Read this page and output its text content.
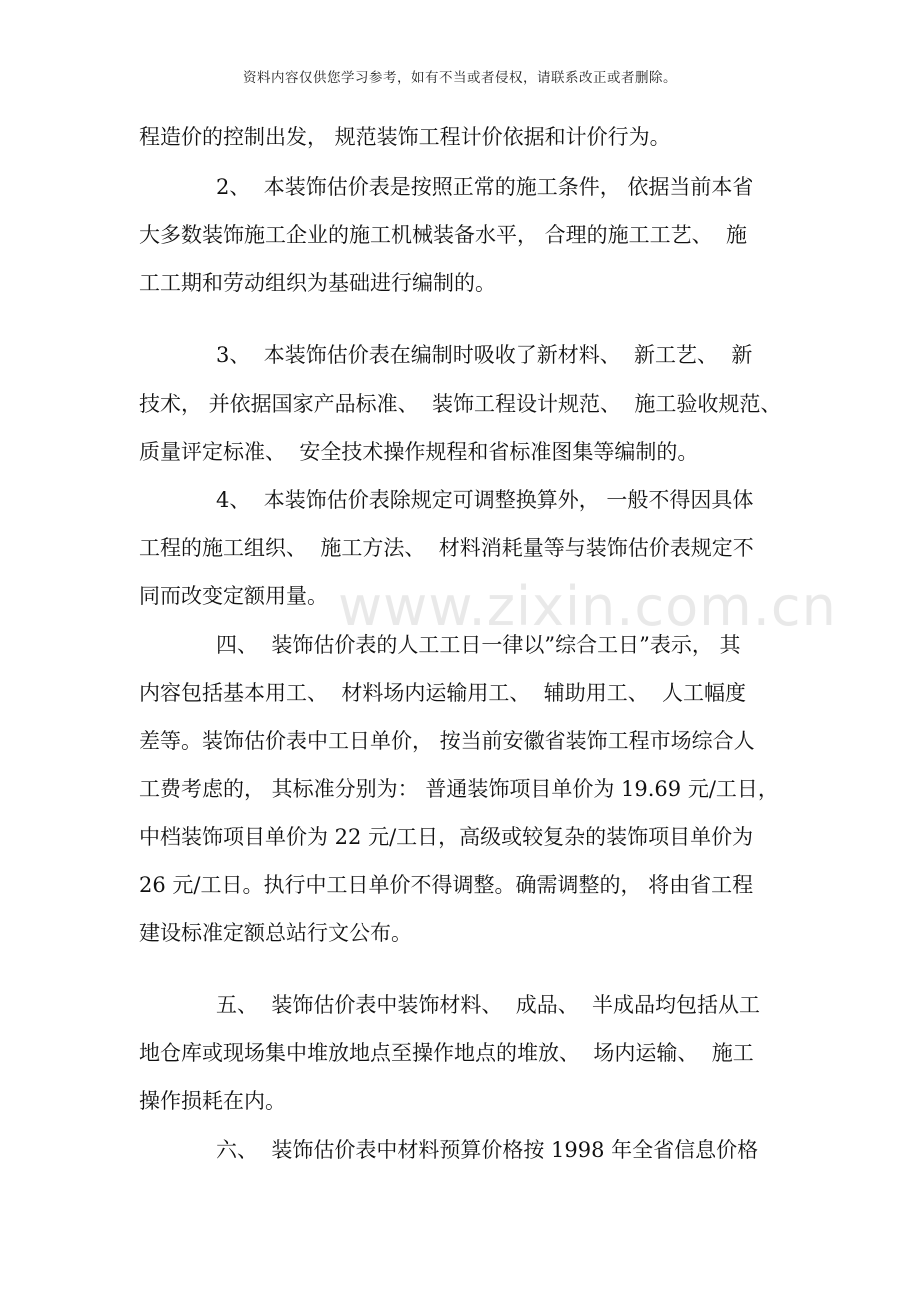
资料内容仅供您学习参考，如有不当或者侵权，请联系改正或者删除。
www.zixin.com.cn
程造价的控制出发， 规范装饰工程计价依据和计价行为。
2、  本装饰估价表是按照正常的施工条件， 依据当前本省
大多数装饰施工企业的施工机械装备水平， 合理的施工工艺、  施
工工期和劳动组织为基础进行编制的。
3、  本装饰估价表在编制时吸收了新材料、  新工艺、  新
技术， 并依据国家产品标准、  装饰工程设计规范、  施工验收规范、
质量评定标准、  安全技术操作规程和省标准图集等编制的。
4、  本装饰估价表除规定可调整换算外， 一般不得因具体
工程的施工组织、  施工方法、  材料消耗量等与装饰估价表规定不
同而改变定额用量。
四、  装饰估价表的人工工日一律以”综合工日”表示， 其
内容包括基本用工、  材料场内运输用工、  辅助用工、  人工幅度
差等。装饰估价表中工日单价， 按当前安徽省装饰工程市场综合人
工费考虑的， 其标准分别为： 普通装饰项目单价为 19.69 元/工日，
中档装饰项目单价为 22 元/工日，高级或较复杂的装饰项目单价为
26 元/工日。执行中工日单价不得调整。确需调整的， 将由省工程
建设标准定额总站行文公布。
五、  装饰估价表中装饰材料、  成品、  半成品均包括从工
地仓库或现场集中堆放地点至操作地点的堆放、  场内运输、  施工
操作损耗在内。
六、  装饰估价表中材料预算价格按 1998 年全省信息价格
